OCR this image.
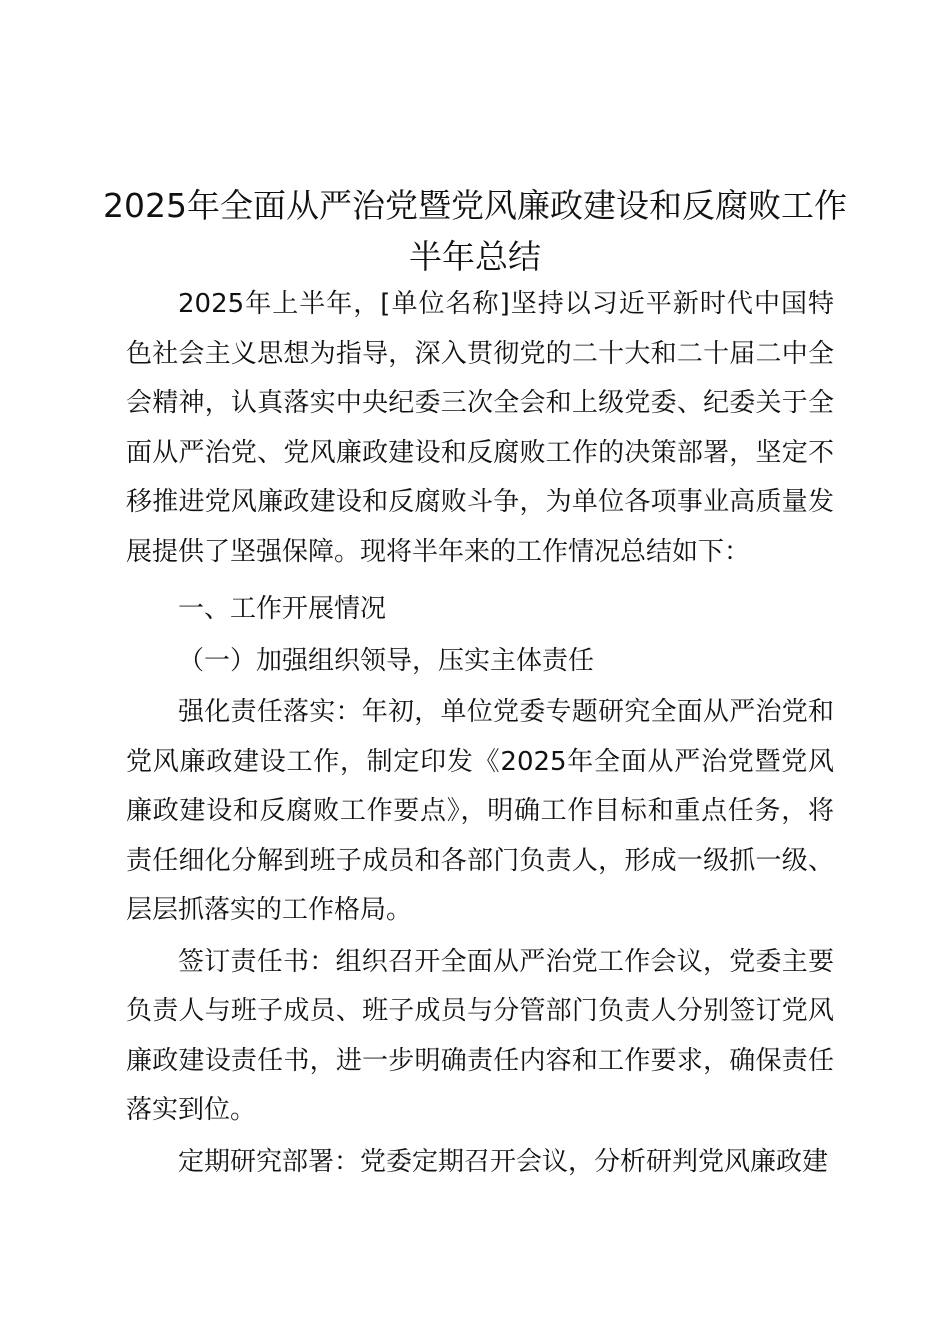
2025年全面从严治党暨党风廉政建设和反腐败工作半年总结

2025年上半年，[单位名称]坚持以习近平新时代中国特色社会主义思想为指导，深入贯彻党的二十大和二十届二中全会精神，认真落实中央纪委三次全会和上级党委、纪委关于全面从严治党、党风廉政建设和反腐败工作的决策部署，坚定不移推进党风廉政建设和反腐败斗争，为单位各项事业高质量发展提供了坚强保障。现将半年来的工作情况总结如下：

一、工作开展情况

（一）加强组织领导，压实主体责任

强化责任落实：年初，单位党委专题研究全面从严治党和党风廉政建设工作，制定印发《2025年全面从严治党暨党风廉政建设和反腐败工作要点》，明确工作目标和重点任务，将责任细化分解到班子成员和各部门负责人，形成一级抓一级、层层抓落实的工作格局。

签订责任书：组织召开全面从严治党工作会议，党委主要负责人与班子成员、班子成员与分管部门负责人分别签订党风廉政建设责任书，进一步明确责任内容和工作要求，确保责任落实到位。

定期研究部署：党委定期召开会议，分析研判党风廉政建
